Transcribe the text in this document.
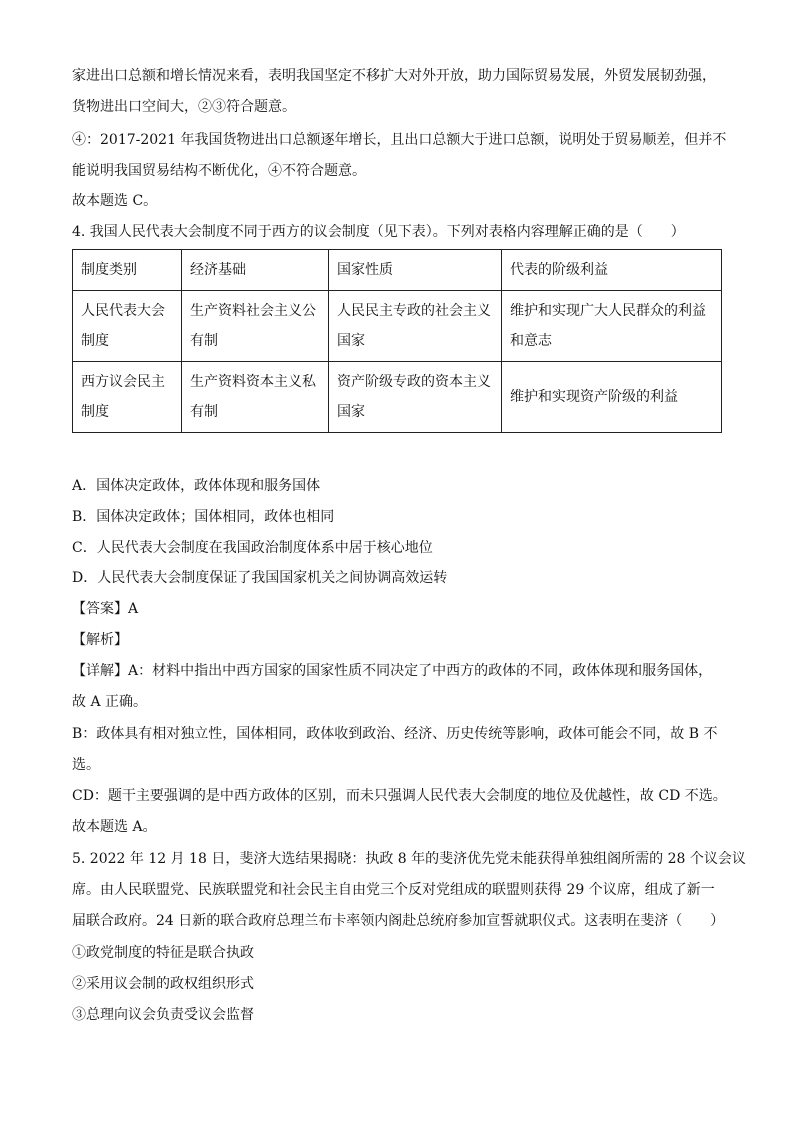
家进出口总额和增长情况来看，表明我国坚定不移扩大对外开放，助力国际贸易发展，外贸发展韧劲强，
货物进出口空间大，②③符合题意。
④：2017-2021 年我国货物进出口总额逐年增长，且出口总额大于进口总额，说明处于贸易顺差，但并不
能说明我国贸易结构不断优化，④不符合题意。
故本题选 C。
4. 我国人民代表大会制度不同于西方的议会制度（见下表）。下列对表格内容理解正确的是（　　）
制度类别	经济基础	国家性质	代表的阶级利益
人民代表大会制度	生产资料社会主义公有制	人民民主专政的社会主义国家	维护和实现广大人民群众的利益和意志
西方议会民主制度	生产资料资本主义私有制	资产阶级专政的资本主义国家	维护和实现资产阶级的利益
A．国体决定政体，政体体现和服务国体
B．国体决定政体；国体相同，政体也相同
C．人民代表大会制度在我国政治制度体系中居于核心地位
D．人民代表大会制度保证了我国国家机关之间协调高效运转
【答案】A
【解析】
【详解】A：材料中指出中西方国家的国家性质不同决定了中西方的政体的不同，政体体现和服务国体，
故 A 正确。
B：政体具有相对独立性，国体相同，政体收到政治、经济、历史传统等影响，政体可能会不同，故 B 不
选。
CD：题干主要强调的是中西方政体的区别，而未只强调人民代表大会制度的地位及优越性，故 CD 不选。
故本题选 A。
5. 2022 年 12 月 18 日，斐济大选结果揭晓：执政 8 年的斐济优先党未能获得单独组阁所需的 28 个议会议
席。由人民联盟党、民族联盟党和社会民主自由党三个反对党组成的联盟则获得 29 个议席，组成了新一
届联合政府。24 日新的联合政府总理兰布卡率领内阁赴总统府参加宣誓就职仪式。这表明在斐济（　　）
①政党制度的特征是联合执政
②采用议会制的政权组织形式
③总理向议会负责受议会监督
